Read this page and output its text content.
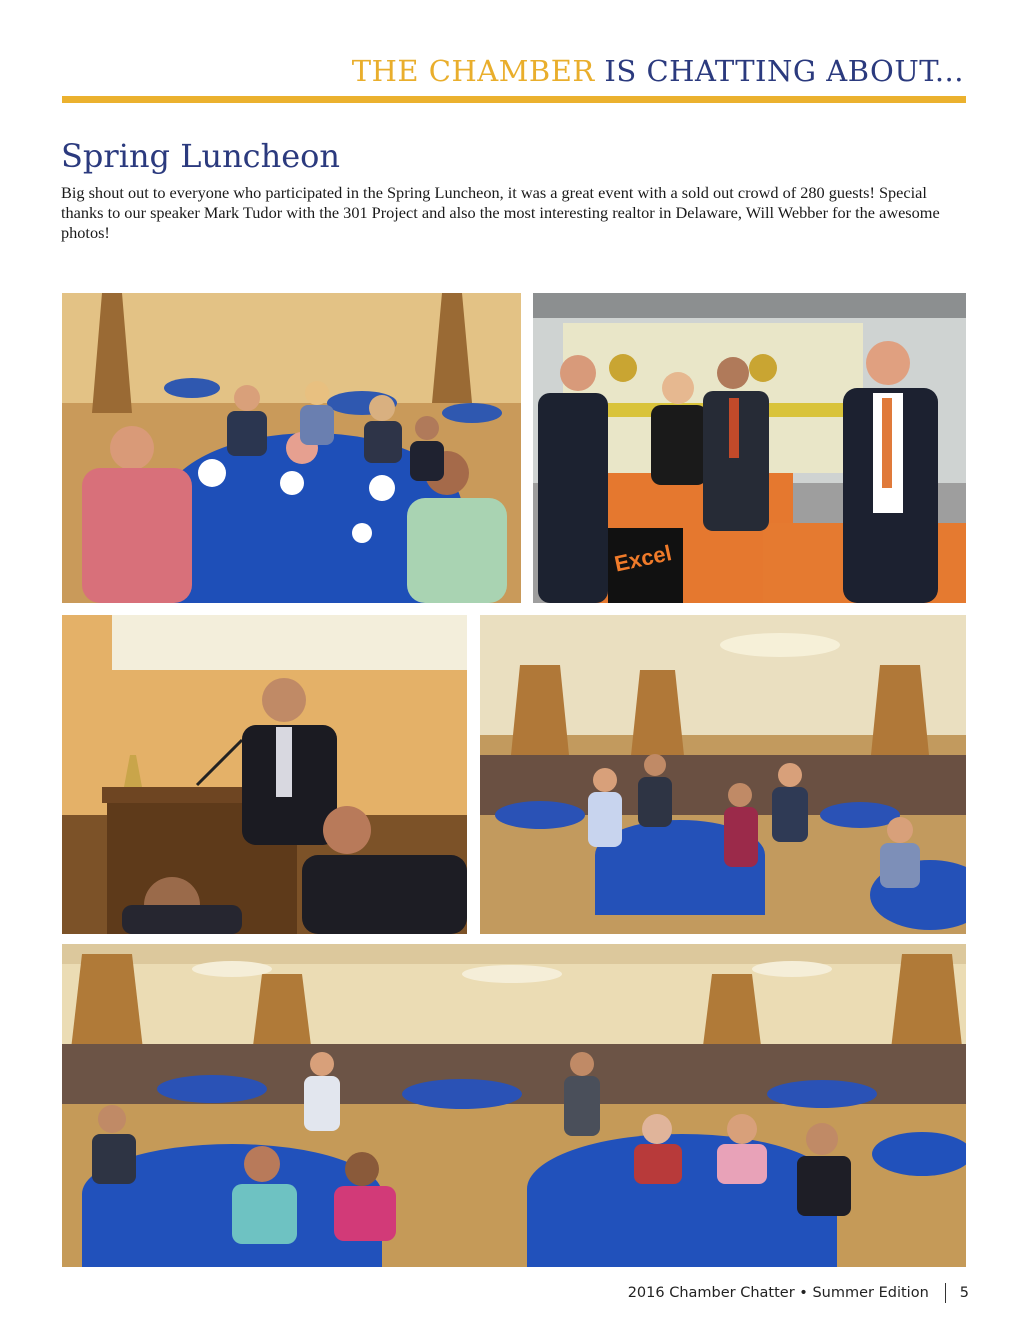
THE CHAMBER IS CHATTING ABOUT...
Spring Luncheon
Big shout out to everyone who participated in the Spring Luncheon, it was a great event with a sold out crowd of 280 guests! Special thanks to our speaker Mark Tudor with the 301 Project and also the most interesting realtor in Delaware, Will Webber for the awesome photos!
Excel
2016 Chamber Chatter • Summer Edition 5
